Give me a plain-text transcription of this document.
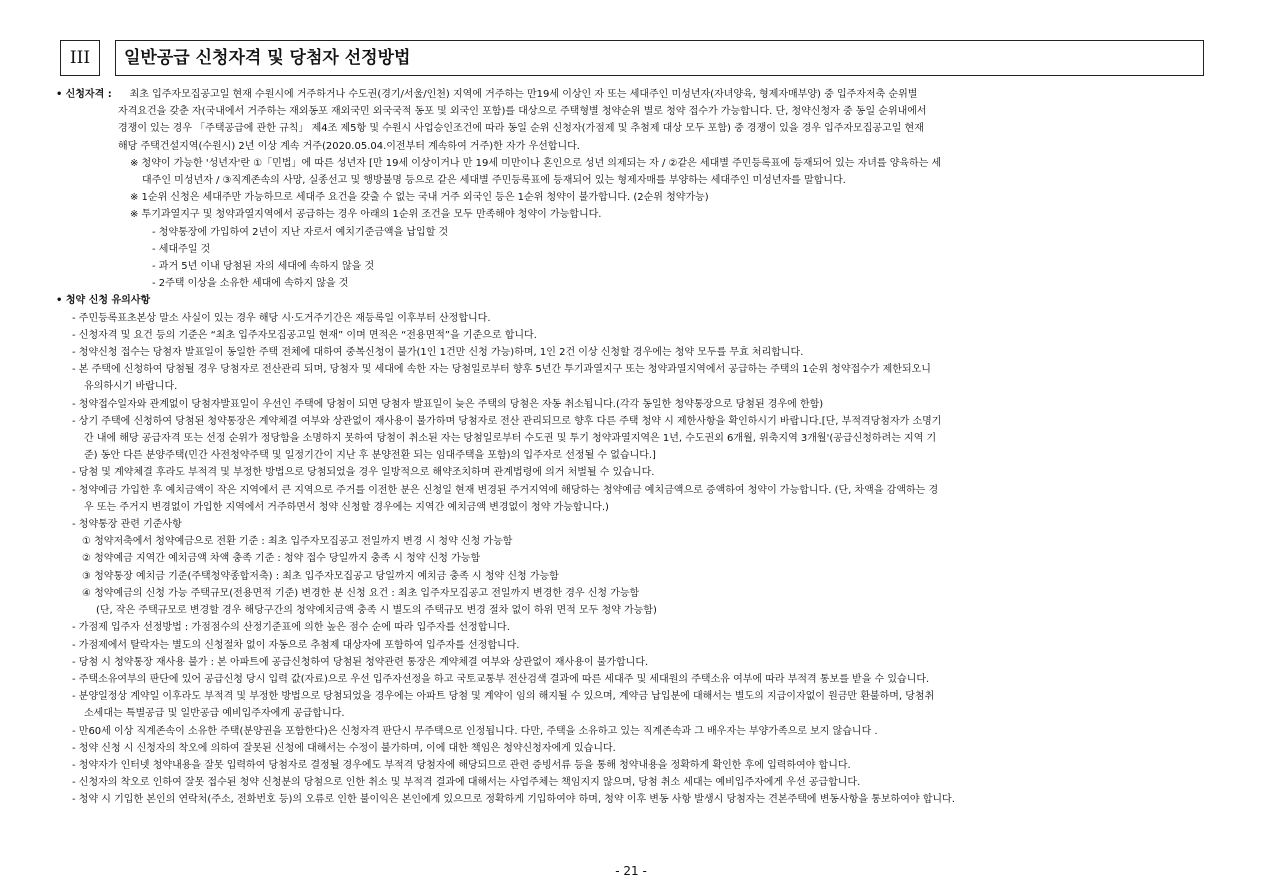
III	일반공급 신청자격 및 당첨자 선정방법
• 신청자격 : 최초 입주자모집공고일 현재 수원시에 거주하거나 수도권(경기/서울/인천) 지역에 거주하는 만19세 이상인 자 또는 세대주인 미성년자(자녀양육, 형제자매부양) 중 입주자저축 순위별
자격요건을 갖춘 자(국내에서 거주하는 재외동포 재외국민 외국국적 동포 및 외국인 포함)를 대상으로 주택형별 청약순위 별로 청약 접수가 가능합니다. 단, 청약신청자 중 동일 순위내에서
경쟁이 있는 경우 「주택공급에 관한 규칙」 제4조 제5항 및 수원시 사업승인조건에 따라 동일 순위 신청자(가점제 및 추첨제 대상 모두 포함) 중 경쟁이 있을 경우 입주자모집공고일 현재
해당 주택건설지역(수원시) 2년 이상 계속 거주(2020.05.04.이전부터 계속하여 거주)한 자가 우선합니다.
※ 청약이 가능한 '성년자'란 ①「민법」에 따른 성년자 [만 19세 이상이거나 만 19세 미만이나 혼인으로 성년 의제되는 자 / ②같은 세대별 주민등록표에 등재되어 있는 자녀를 양육하는 세
대주인 미성년자 / ③직계존속의 사망, 실종선고 및 행방불명 등으로 같은 세대별 주민등록표에 등재되어 있는 형제자매를 부양하는 세대주인 미성년자를 말합니다.
※ 1순위 신청은 세대주만 가능하므로 세대주 요건을 갖출 수 없는 국내 거주 외국인 등은 1순위 청약이 불가합니다. (2순위 청약가능)
※ 투기과열지구 및 청약과열지역에서 공급하는 경우 아래의 1순위 조건을 모두 만족해야 청약이 가능합니다.
- 청약통장에 가입하여 2년이 지난 자로서 예치기준금액을 납입할 것
- 세대주일 것
- 과거 5년 이내 당첨된 자의 세대에 속하지 않을 것
- 2주택 이상을 소유한 세대에 속하지 않을 것
• 청약 신청 유의사항
- 주민등록표초본상 말소 사실이 있는 경우 해당 시·도거주기간은 재등록일 이후부터 산정합니다.
- 신청자격 및 요건 등의 기준은 “최초 입주자모집공고일 현재” 이며 면적은 “전용면적”을 기준으로 합니다.
- 청약신청 접수는 당첨자 발표일이 동일한 주택 전체에 대하여 중복신청이 불가(1인 1건만 신청 가능)하며, 1인 2건 이상 신청할 경우에는 청약 모두를 무효 처리합니다.
- 본 주택에 신청하여 당첨될 경우 당첨자로 전산관리 되며, 당첨자 및 세대에 속한 자는 당첨일로부터 향후 5년간 투기과열지구 또는 청약과열지역에서 공급하는 주택의 1순위 청약접수가 제한되오니
유의하시기 바랍니다.
- 청약접수일자와 관계없이 당첨자발표일이 우선인 주택에 당첨이 되면 당첨자 발표일이 늦은 주택의 당첨은 자동 취소됩니다.(각각 동일한 청약통장으로 당첨된 경우에 한함)
- 상기 주택에 신청하여 당첨된 청약통장은 계약체결 여부와 상관없이 재사용이 불가하며 당첨자로 전산 관리되므로 향후 다른 주택 청약 시 제한사항을 확인하시기 바랍니다.[단, 부적격당첨자가 소명기
간 내에 해당 공급자격 또는 선정 순위가 정당함을 소명하지 못하여 당첨이 취소된 자는 당첨일로부터 수도권 및 투기 청약과열지역은 1년, 수도권외 6개월, 위축지역 3개월'(공급신청하려는 지역 기
준) 동안 다른 분양주택(민간 사전청약주택 및 일정기간이 지난 후 분양전환 되는 임대주택을 포함)의 입주자로 선정될 수 없습니다.]
- 당첨 및 계약체결 후라도 부적격 및 부정한 방법으로 당첨되었을 경우 일방적으로 해약조치하며 관계법령에 의거 처벌될 수 있습니다.
- 청약예금 가입한 후 예치금액이 작은 지역에서 큰 지역으로 주거를 이전한 분은 신청일 현재 변경된 주거지역에 해당하는 청약예금 예치금액으로 증액하여 청약이 가능합니다. (단, 차액을 감액하는 경
우 또는 주거지 변경없이 가입한 지역에서 거주하면서 청약 신청할 경우에는 지역간 예치금액 변경없이 청약 가능합니다.)
- 청약통장 관련 기준사항
① 청약저축에서 청약예금으로 전환 기준 : 최초 입주자모집공고 전일까지 변경 시 청약 신청 가능함
② 청약예금 지역간 예치금액 차액 충족 기준 : 청약 접수 당일까지 충족 시 청약 신청 가능함
③ 청약통장 예치금 기준(주택청약종합저축) : 최초 입주자모집공고 당일까지 예치금 충족 시 청약 신청 가능함
④ 청약예금의 신청 가능 주택규모(전용면적 기준) 변경한 분 신청 요건 : 최초 입주자모집공고 전일까지 변경한 경우 신청 가능함
(단, 작은 주택규모로 변경할 경우 해당구간의 청약예치금액 충족 시 별도의 주택규모 변경 절차 없이 하위 면적 모두 청약 가능함)
- 가점제 입주자 선정방법 : 가점점수의 산정기준표에 의한 높은 점수 순에 따라 입주자를 선정합니다.
- 가점제에서 탈락자는 별도의 신청절차 없이 자동으로 추첨제 대상자에 포함하여 입주자를 선정합니다.
- 당첨 시 청약통장 재사용 불가 : 본 아파트에 공급신청하여 당첨된 청약관련 통장은 계약체결 여부와 상관없이 재사용이 불가합니다.
- 주택소유여부의 판단에 있어 공급신청 당시 입력 값(자료)으로 우선 입주자선정을 하고 국토교통부 전산검색 결과에 따른 세대주 및 세대원의 주택소유 여부에 따라 부적격 통보를 받을 수 있습니다.
- 분양일정상 계약일 이후라도 부적격 및 부정한 방법으로 당첨되었을 경우에는 아파트 당첨 및 계약이 임의 해지될 수 있으며, 계약금 납입분에 대해서는 별도의 지급이자없이 원금만 환불하며, 당첨취
소세대는 특별공급 및 일반공급 예비입주자에게 공급합니다.
- 만60세 이상 직계존속이 소유한 주택(분양권을 포함한다)은 신청자격 판단시 무주택으로 인정됩니다. 다만, 주택을 소유하고 있는 직계존속과 그 배우자는 부양가족으로 보지 않습니다 .
- 청약 신청 시 신청자의 착오에 의하여 잘못된 신청에 대해서는 수정이 불가하며, 이에 대한 책임은 청약신청자에게 있습니다.
- 청약자가 인터넷 청약내용을 잘못 입력하여 당첨자로 결정될 경우에도 부적격 당첨자에 해당되므로 관련 증빙서류 등을 통해 청약내용을 정확하게 확인한 후에 입력하여야 합니다.
- 신청자의 착오로 인하여 잘못 접수된 청약 신청분의 당첨으로 인한 취소 및 부적격 결과에 대해서는 사업주체는 책임지지 않으며, 당첨 취소 세대는 예비입주자에게 우선 공급합니다.
- 청약 시 기입한 본인의 연락처(주소, 전화번호 등)의 오류로 인한 불이익은 본인에게 있으므로 정확하게 기입하여야 하며, 청약 이후 변동 사항 발생시 당첨자는 견본주택에 변동사항을 통보하여야 합니다.
- 21 -
